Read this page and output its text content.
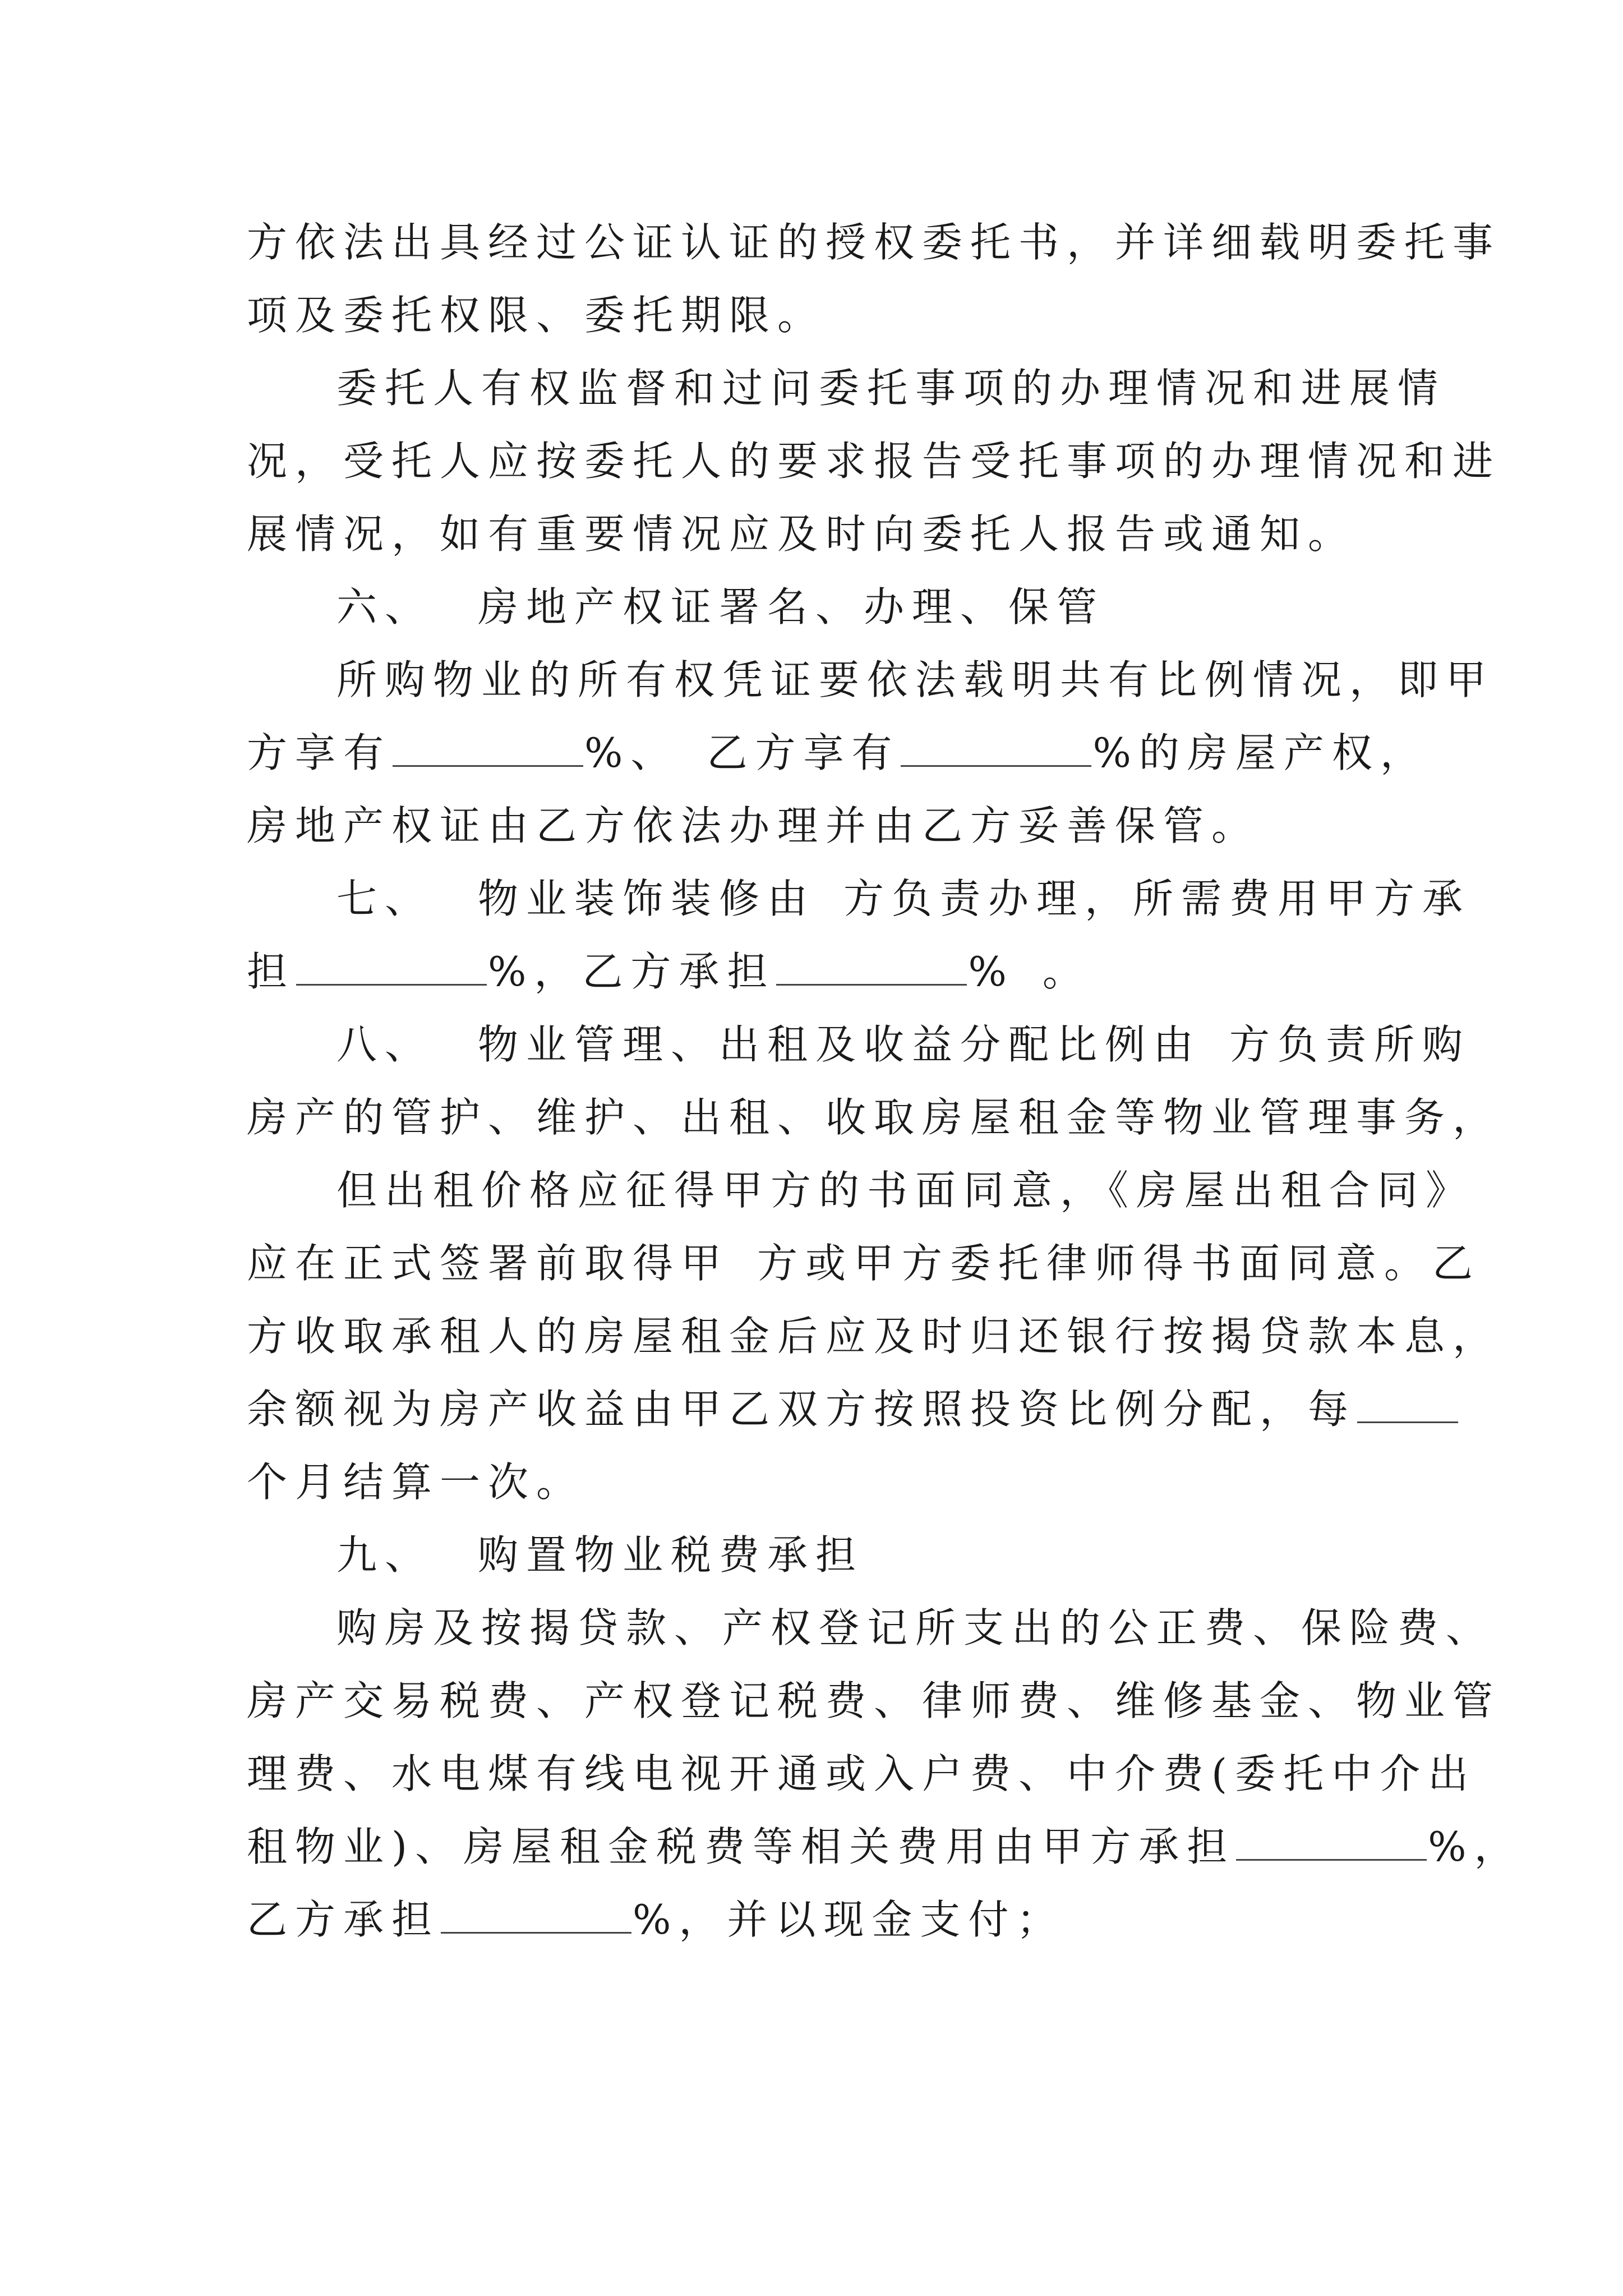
方依法出具经过公证认证的授权委托书，并详细载明委托事
项及委托权限、委托期限。
委托人有权监督和过问委托事项的办理情况和进展情
况，受托人应按委托人的要求报告受托事项的办理情况和进
展情况，如有重要情况应及时向委托人报告或通知。
六、 房地产权证署名、办理、保管
所购物业的所有权凭证要依法载明共有比例情况，即甲
方享有	%、 乙方享有	%的房屋产权，
房地产权证由乙方依法办理并由乙方妥善保管。
七、 物业装饰装修由 方负责办理，所需费用甲方承
担	%，乙方承担	% 。
八、 物业管理、出租及收益分配比例由 方负责所购
房产的管护、维护、出租、收取房屋租金等物业管理事务，
但出租价格应征得甲方的书面同意，《房屋出租合同》
应在正式签署前取得甲 方或甲方委托律师得书面同意。乙
方收取承租人的房屋租金后应及时归还银行按揭贷款本息，
余额视为房产收益由甲乙双方按照投资比例分配，每
个月结算一次。
九、 购置物业税费承担
购房及按揭贷款、产权登记所支出的公正费、保险费、
房产交易税费、产权登记税费、律师费、维修基金、物业管
理费、水电煤有线电视开通或入户费、中介费(委托中介出
租物业)、房屋租金税费等相关费用由甲方承担	%，
乙方承担	%，并以现金支付；
